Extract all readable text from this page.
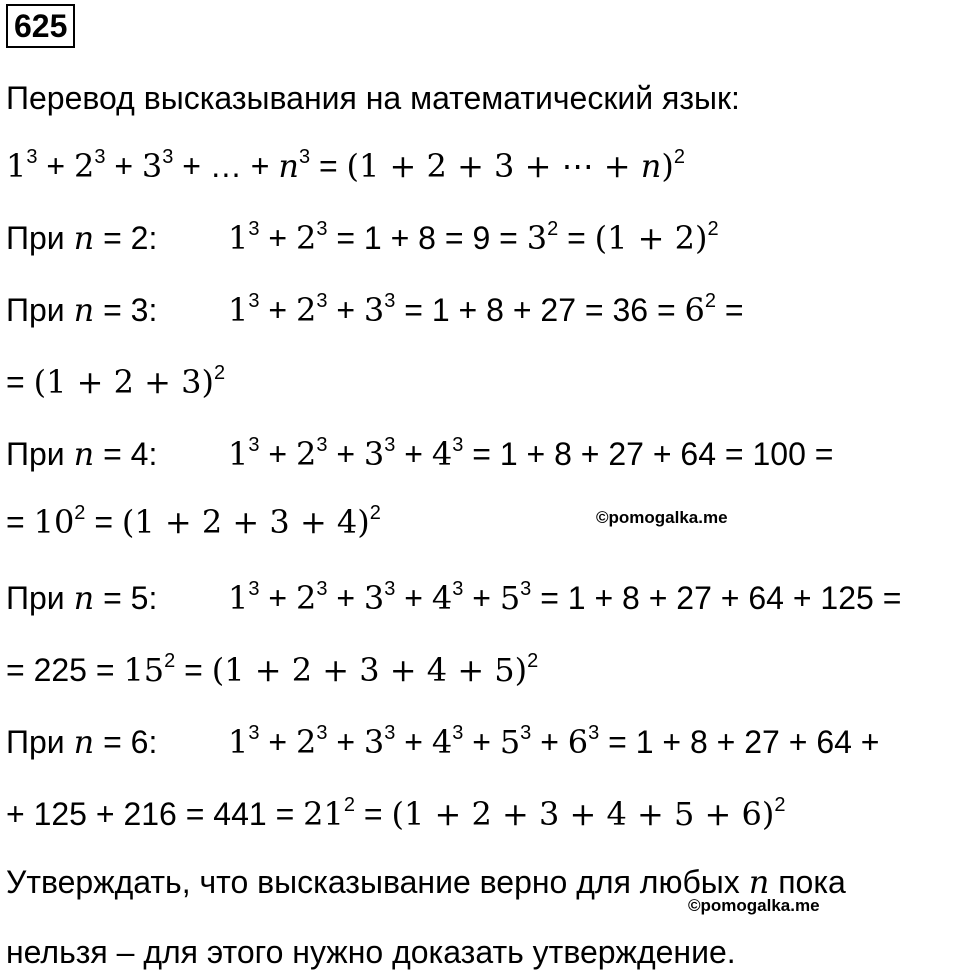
625
Перевод высказывания на математический язык:
$1^3 + 2^3 + 3^3$ + … + $n^3 = (1 + 2 + 3$ + ⋯ + n)$^2$
При n = 2: $1^3 + 2^3 = 1 + 8 = 9 = 3^2 = (1 + 2)^2$
При n = 3: $1^3 + 2^3 + 3^3 = 1 + 8 + 27 = 36 = 6^2$ =
= $(1 + 2 + 3)^2$
При n = 4: $1^3 + 2^3 + 3^3 + 4^3 = 1 + 8 + 27 + 64 = 100$ =
= $10^2 = (1 + 2 + 3 + 4)^2$	©pomogalka.me
При n = 5: $1^3 + 2^3 + 3^3 + 4^3 + 5^3 = 1 + 8 + 27 + 64 + 125$ =
= $225 = 15^2 = (1 + 2 + 3 + 4 + 5)^2$
При n = 6: $1^3 + 2^3 + 3^3 + 4^3 + 5^3 + 6^3 = 1 + 8 + 27 + 64$ +
+ $125 + 216 = 441 = 21^2 = (1 + 2 + 3 + 4 + 5 + 6)^2$
Утверждать, что высказывание верно для любых n пока
©pomogalka.me
нельзя – для этого нужно доказать утверждение.
